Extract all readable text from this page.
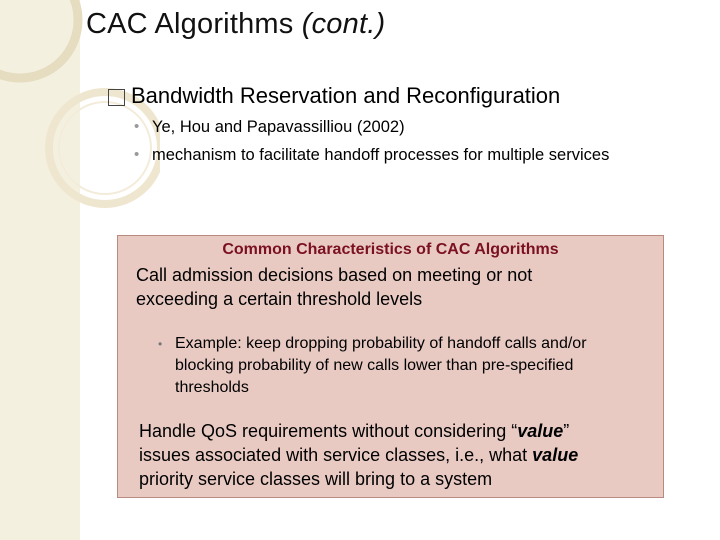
CAC Algorithms (cont.)
Bandwidth Reservation and Reconfiguration
• Ye, Hou and Papavassilliou (2002)
• mechanism to facilitate handoff processes for multiple services
Common Characteristics of CAC Algorithms
Call admission decisions based on meeting or not
exceeding a certain threshold levels
• Example: keep dropping probability of handoff calls and/or blocking probability of new calls lower than pre-specified thresholds
Handle QoS requirements without considering “value”
issues associated with service classes, i.e., what value
priority service classes will bring to a system
